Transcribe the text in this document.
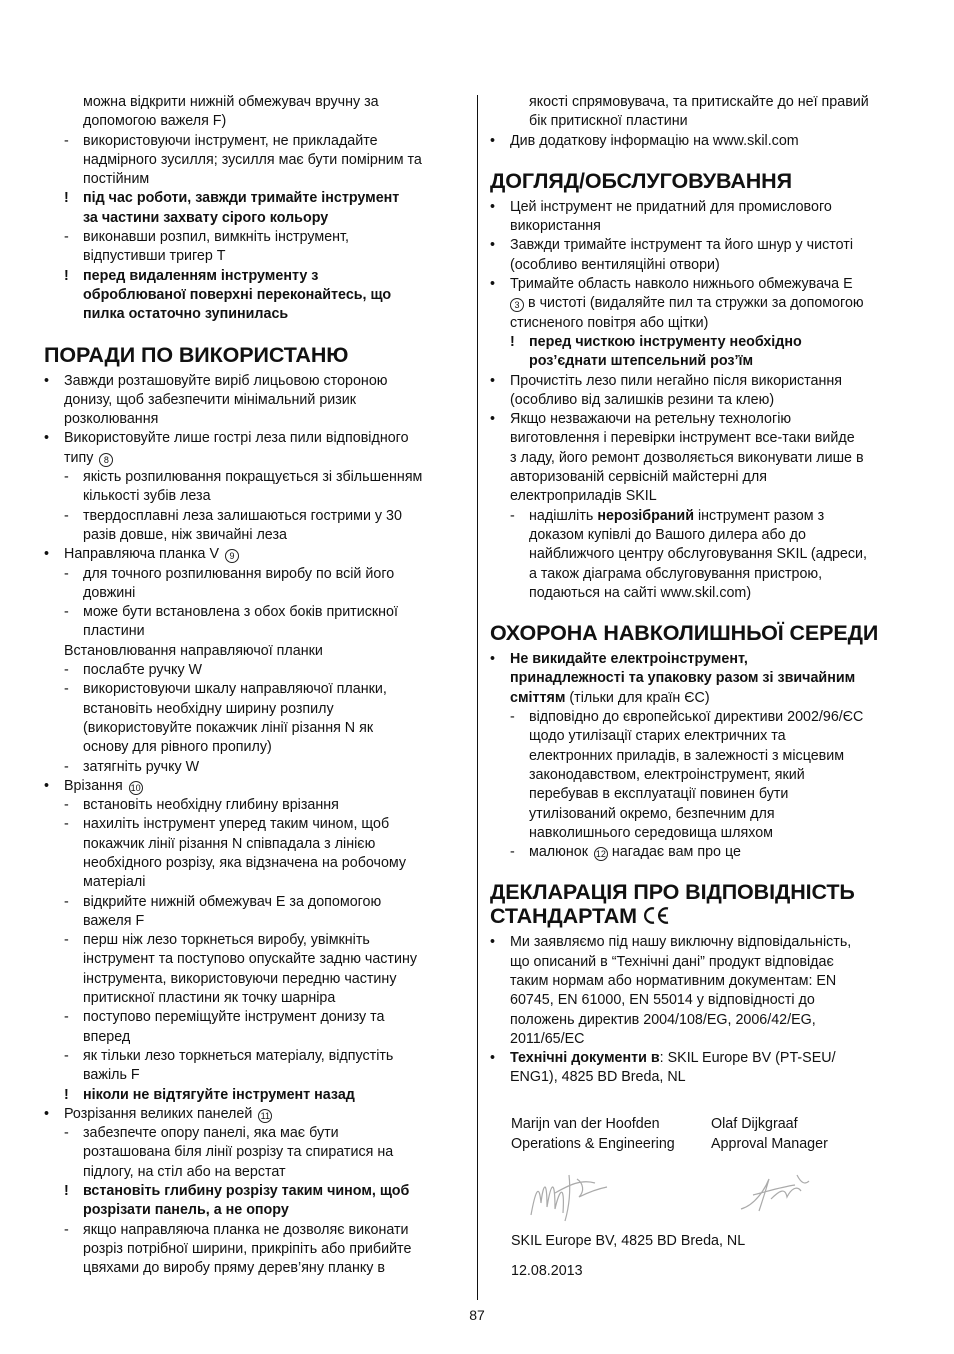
можна відкрити нижній обмежувач вручну за
допомогою важеля F)
- використовуючи інструмент, не прикладайте
надмірного зусилля; зусилля має бути помірним та
постійним
! під час роботи, завжди тримайте інструмент
за частини захвату сірого кольору
- виконавши розпил, вимкніть інструмент,
відпустивши тригер T
! перед видаленням інструменту з
оброблюваної поверхні переконайтесь, що
пилка остаточно зупинилась
ПОРАДИ ПО ВИКОРИСТАНЮ
•	Завжди розташовуйте виріб лицьовою стороною
донизу, щоб забезпечити мінімальний ризик
розколювання
•	Використовуйте лише гострі леза пили відповідного
типу 8
- якість розпилювання покращується зі збільшенням
кількості зубів леза
- твердосплавні леза залишаються гострими у 30
разів довше, ніж звичайні леза
•	Направляюча планка V 9
- для точного розпилювання виробу по всій його
довжині
- може бути встановлена з обох боків притискної
пластини
Встановлювання направляючої планки
- послабте ручку W
- використовуючи шкалу направляючої планки,
встановіть необхідну ширину розпилу
(використовуйте покажчик лінії різання N як
основу для рівного пропилу)
- затягніть ручку W
•	Врізання 10
- встановіть необхідну глибину врізання
- нахиліть інструмент уперед таким чином, щоб
покажчик лінії різання N співпадала з лінією
необхідного розрізу, яка відзначена на робочому
матеріалі
- відкрийте нижній обмежувач E за допомогою
важеля F
- перш ніж лезо торкнеться виробу, увімкніть
інструмент та поступово опускайте задню частину
інструмента, використовуючи передню частину
притискної пластини як точку шарніра
- поступово переміщуйте інструмент донизу та
вперед
- як тільки лезо торкнеться матеріалу, відпустіть
важіль F
! ніколи не відтягуйте інструмент назад
•	Розрізання великих панелей 11
- забезпечте опору панелі, яка має бути
розташована біля лінії розрізу та спиратися на
підлогу, на стіл або на верстат
! встановіть глибину розрізу таким чином, щоб
розрізати панель, а не опору
- якщо направляюча планка не дозволяє виконати
розріз потрібної ширини, прикріпіть або прибийте
цвяхами до виробу пряму дерев’яну планку в
якості спрямовувача, та притискайте до неї правий
бік притискної пластини
•	Див додаткову інформацію на www.skil.com
ДОГЛЯД/ОБСЛУГОВУВАННЯ
•	Цей інструмент не придатний для промислового
використання
•	Завжди тримайте інструмент та його шнур у чистоті
(особливо вентиляційні отвори)
•	Тримайте область навколо нижнього обмежувача E
3 в чистоті (видаляйте пил та стружки за допомогою
стисненого повітря або щітки)
! перед чисткою інструменту необхідно
роз’єднати штепсельний роз’їм
•	Прочистіть лезо пили негайно після використання
(особливо від залишків резини та клею)
•	Якщо незважаючи на ретельну технологію
виготовлення і перевірки інструмент все-таки вийде
з ладу, його ремонт дозволяється виконувати лише в
авторизованій сервісній майстерні для
електроприладів SKIL
- надішліть нерозібраний інструмент разом з
доказом купівлі до Вашого дилера або до
найближчого центру обслуговування SKIL (адреси,
а також діаграма обслуговування пристрою,
подаються на сайті www.skil.com)
ОХОРОНА НАВКОЛИШНЬОЇ СЕРЕДИ
•	Не викидайте електроінструмент,
принадлежності та упаковку разом зі звичайним
сміттям (тільки для країн ЄС)
- відповідно до європейської директиви 2002/96/ЄС
щодо утилізації старих електричних та
електронних приладів, в залежності з місцевим
законодавством, електроінструмент, який
перебував в експлуатації повинен бути
утилізований окремо, безпечним для
навколишнього середовища шляхом
- малюнок 12 нагадає вам про це
ДЕКЛАРАЦІЯ ПРО ВІДПОВІДНІСТЬ
СТАНДАРТАМ
•	Ми заявляємо під нашу виключну відповідальність,
що описаний в “Технічні дані” продукт відповідає
таким нормам або нормативним документам: EN
60745, EN 61000, EN 55014 у відповідності до
положень директив 2004/108/EG, 2006/42/EG,
2011/65/EC
•	Технічні документи в: SKIL Europe BV (PT-SEU/
ENG1), 4825 BD Breda, NL
Marijn van der Hoofden
Operations & Engineering
Olaf Dijkgraaf
Approval Manager
SKIL Europe BV, 4825 BD Breda, NL
12.08.2013
87
